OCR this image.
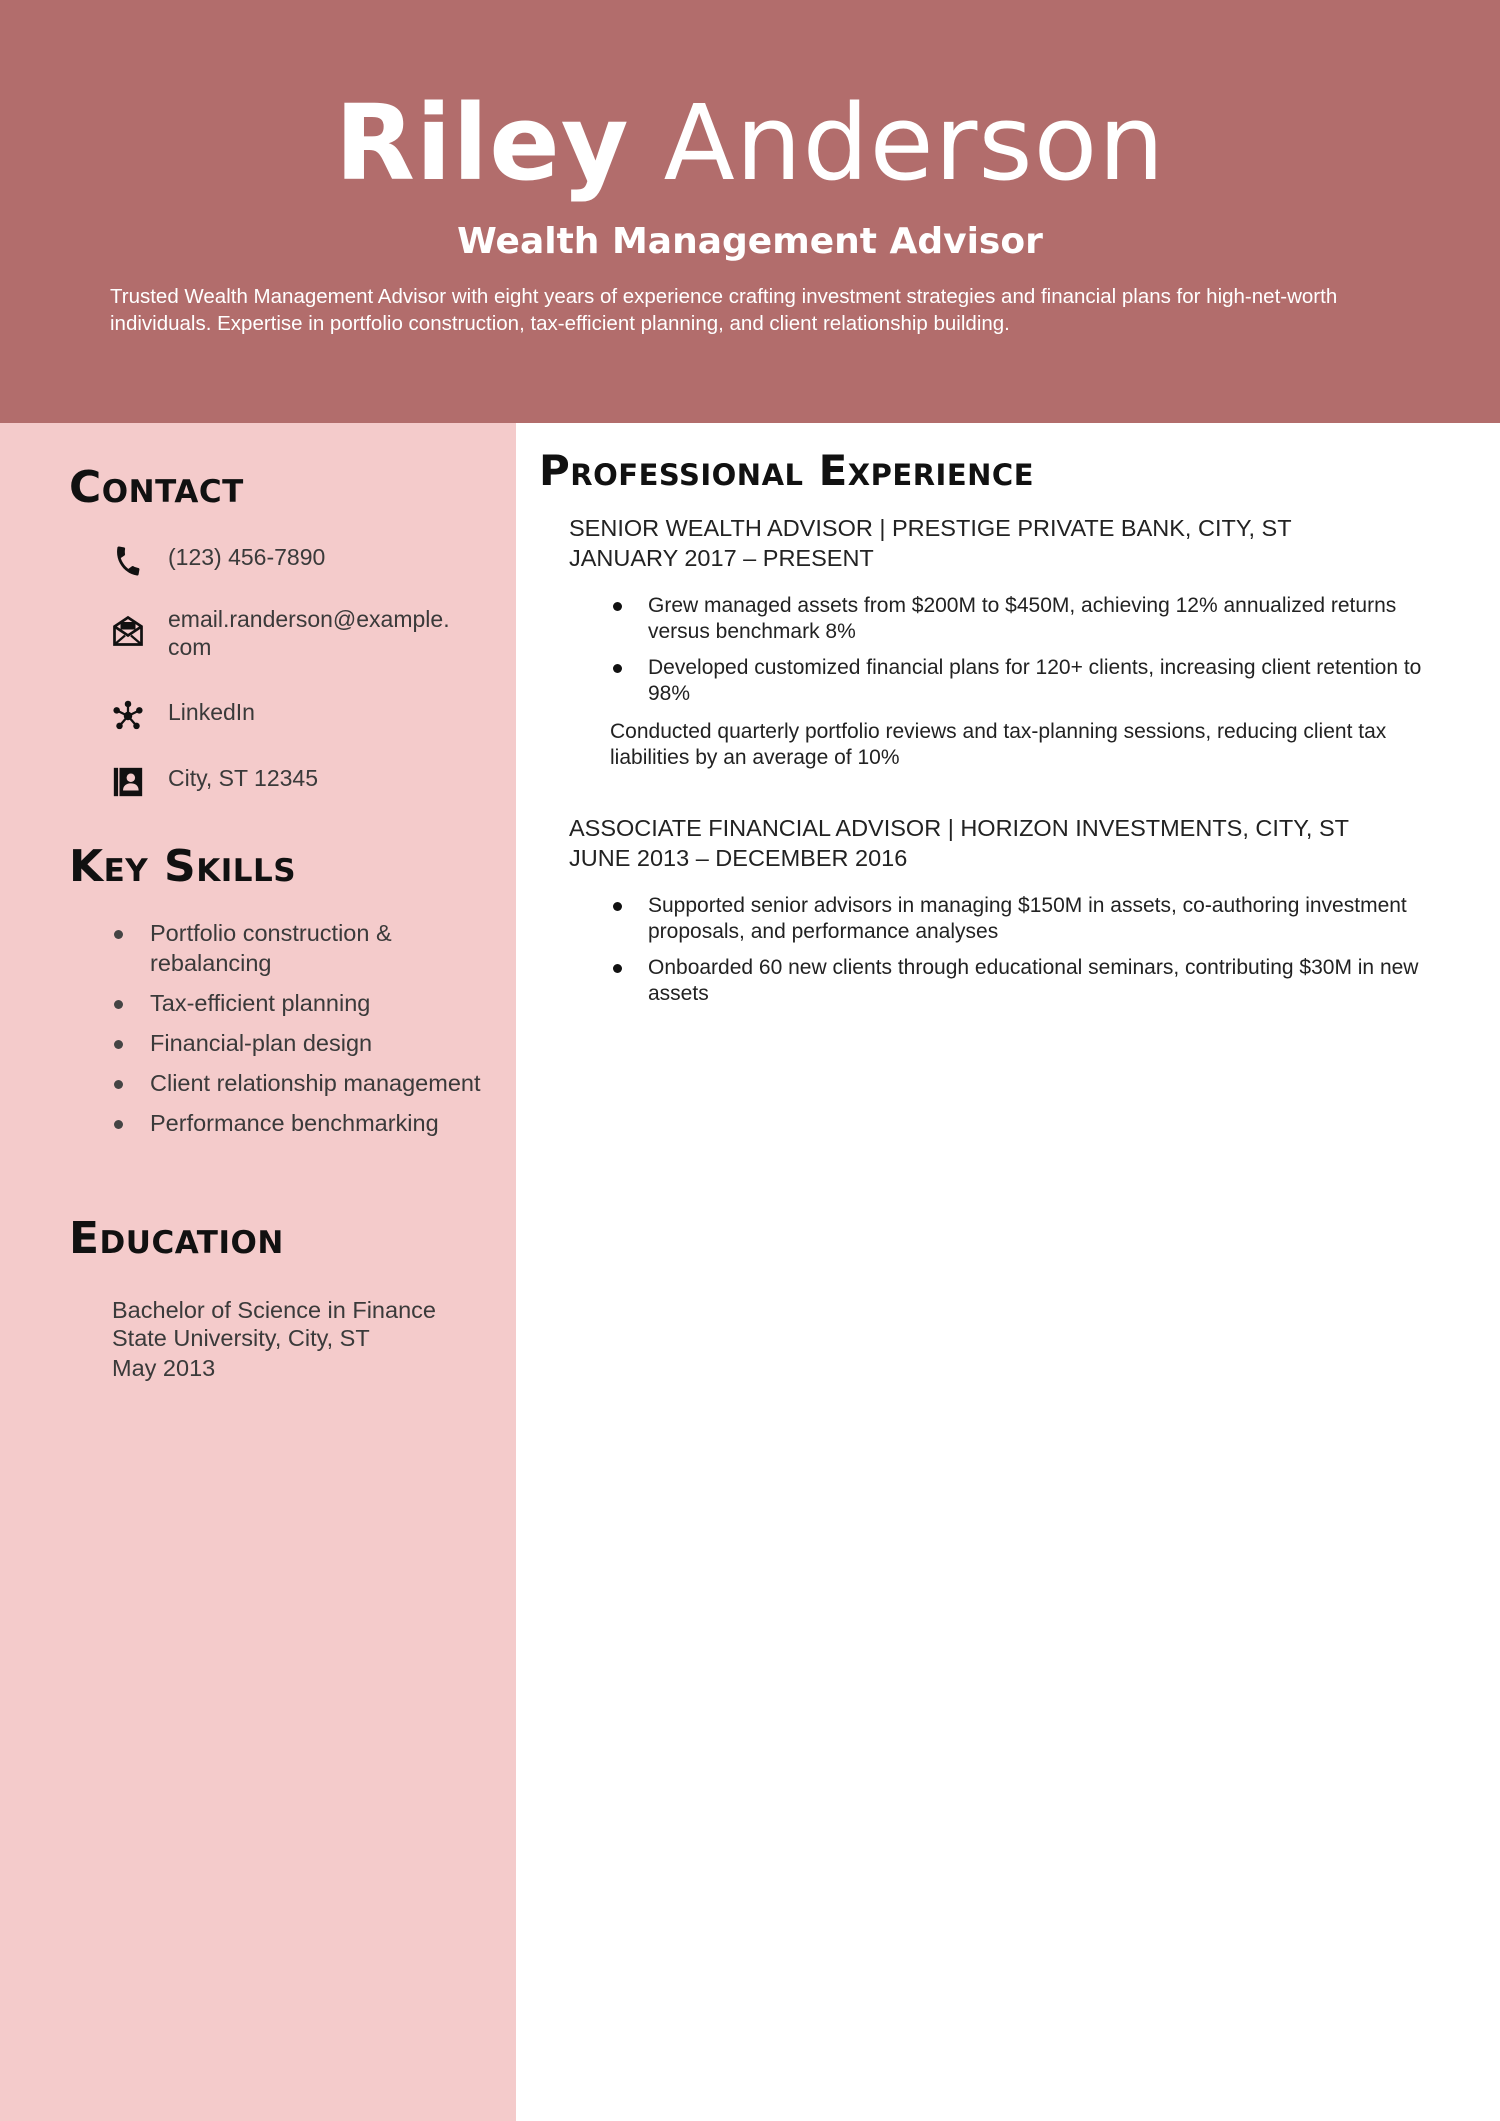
Riley Anderson
Wealth Management Advisor
Trusted Wealth Management Advisor with eight years of experience crafting investment strategies and financial plans for high-net-worth individuals. Expertise in portfolio construction, tax-efficient planning, and client relationship building.
Contact
(123) 456-7890
email.randerson@example.
com
LinkedIn
City, ST 12345
Key Skills
Portfolio construction & rebalancing
Tax-efficient planning
Financial-plan design
Client relationship management
Performance benchmarking
Education
Bachelor of Science in Finance
State University, City, ST
May 2013
Professional Experience
SENIOR WEALTH ADVISOR | PRESTIGE PRIVATE BANK, CITY, ST
JANUARY 2017 – PRESENT
Grew managed assets from $200M to $450M, achieving 12% annualized returns versus benchmark 8%
Developed customized financial plans for 120+ clients, increasing client retention to 98%
Conducted quarterly portfolio reviews and tax-planning sessions, reducing client tax liabilities by an average of 10%
ASSOCIATE FINANCIAL ADVISOR | HORIZON INVESTMENTS, CITY, ST
JUNE 2013 – DECEMBER 2016
Supported senior advisors in managing $150M in assets, co-authoring investment proposals, and performance analyses
Onboarded 60 new clients through educational seminars, contributing $30M in new assets
